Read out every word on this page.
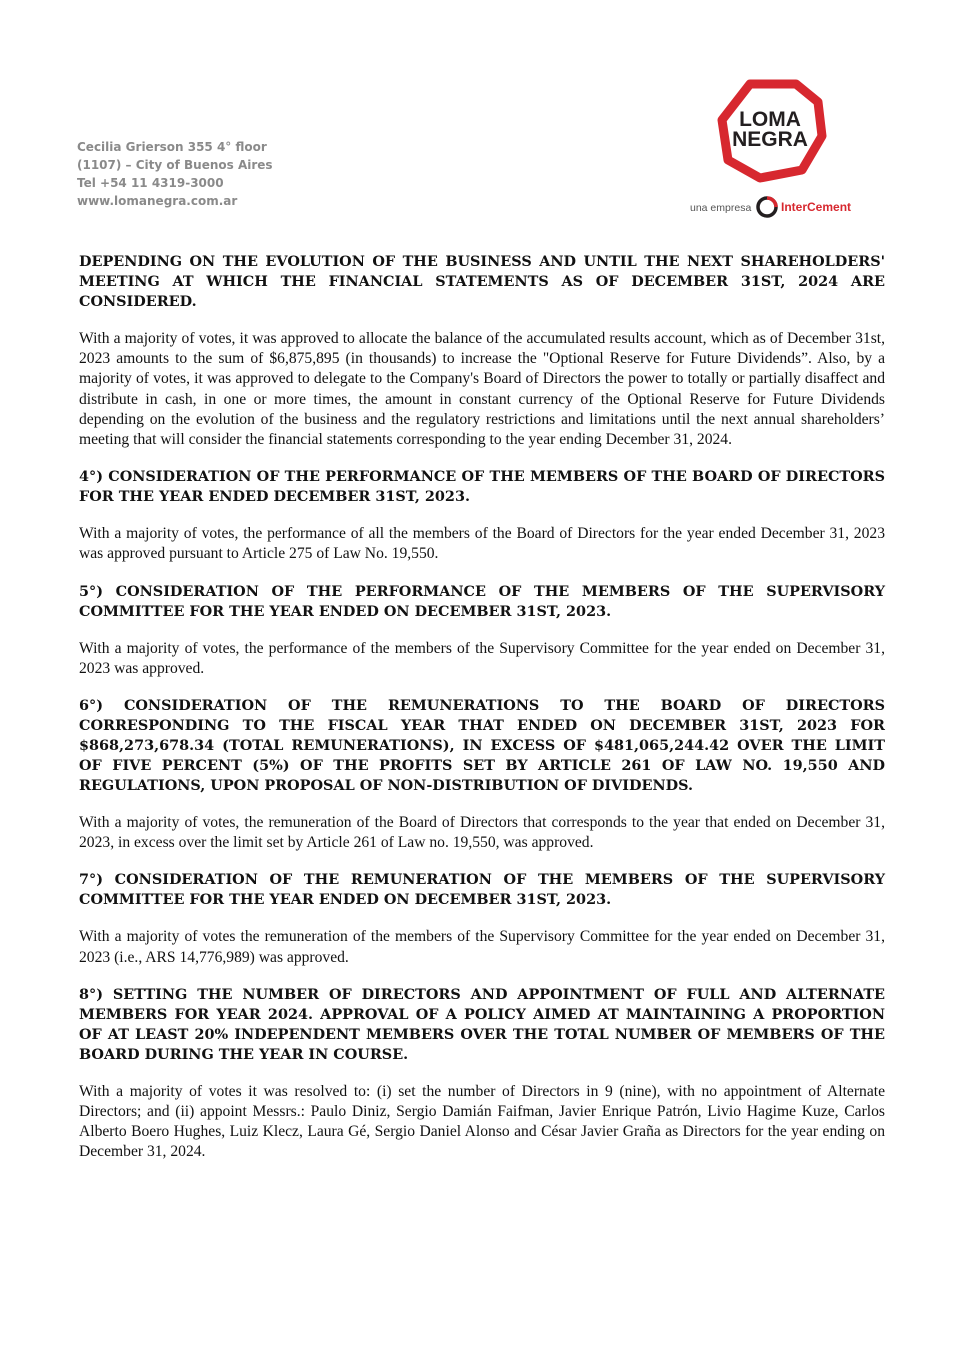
Cecilia Grierson 355 4° floor
(1107) – City of Buenos Aires
Tel +54 11 4319-3000
www.lomanegra.com.ar
LOMA
NEGRA
una empresa InterCement
DEPENDING ON THE EVOLUTION OF THE BUSINESS AND UNTIL THE NEXT SHAREHOLDERS' MEETING AT WHICH THE FINANCIAL STATEMENTS AS OF DECEMBER 31ST, 2024 ARE CONSIDERED.
With a majority of votes, it was approved to allocate the balance of the accumulated results account, which as of December 31st, 2023 amounts to the sum of $6,875,895 (in thousands) to increase the "Optional Reserve for Future Dividends”. Also, by a majority of votes, it was approved to delegate to the Company's Board of Directors the power to totally or partially disaffect and distribute in cash, in one or more times, the amount in constant currency of the Optional Reserve for Future Dividends depending on the evolution of the business and the regulatory restrictions and limitations until the next annual shareholders’ meeting that will consider the financial statements corresponding to the year ending December 31, 2024.
4°) CONSIDERATION OF THE PERFORMANCE OF THE MEMBERS OF THE BOARD OF DIRECTORS FOR THE YEAR ENDED DECEMBER 31ST, 2023.
With a majority of votes, the performance of all the members of the Board of Directors for the year ended December 31, 2023 was approved pursuant to Article 275 of Law No. 19,550.
5°) CONSIDERATION OF THE PERFORMANCE OF THE MEMBERS OF THE SUPERVISORY COMMITTEE FOR THE YEAR ENDED ON DECEMBER 31ST, 2023.
With a majority of votes, the performance of the members of the Supervisory Committee for the year ended on December 31, 2023 was approved.
6°) CONSIDERATION OF THE REMUNERATIONS TO THE BOARD OF DIRECTORS CORRESPONDING TO THE FISCAL YEAR THAT ENDED ON DECEMBER 31ST, 2023 FOR $868,273,678.34 (TOTAL REMUNERATIONS), IN EXCESS OF $481,065,244.42 OVER THE LIMIT OF FIVE PERCENT (5%) OF THE PROFITS SET BY ARTICLE 261 OF LAW NO. 19,550 AND REGULATIONS, UPON PROPOSAL OF NON-DISTRIBUTION OF DIVIDENDS.
With a majority of votes, the remuneration of the Board of Directors that corresponds to the year that ended on December 31, 2023, in excess over the limit set by Article 261 of Law no. 19,550, was approved.
7°) CONSIDERATION OF THE REMUNERATION OF THE MEMBERS OF THE SUPERVISORY COMMITTEE FOR THE YEAR ENDED ON DECEMBER 31ST, 2023.
With a majority of votes the remuneration of the members of the Supervisory Committee for the year ended on December 31, 2023 (i.e., ARS 14,776,989) was approved.
8°) SETTING THE NUMBER OF DIRECTORS AND APPOINTMENT OF FULL AND ALTERNATE MEMBERS FOR YEAR 2024. APPROVAL OF A POLICY AIMED AT MAINTAINING A PROPORTION OF AT LEAST 20% INDEPENDENT MEMBERS OVER THE TOTAL NUMBER OF MEMBERS OF THE BOARD DURING THE YEAR IN COURSE.
With a majority of votes it was resolved to: (i) set the number of Directors in 9 (nine), with no appointment of Alternate Directors; and (ii) appoint Messrs.: Paulo Diniz, Sergio Damián Faifman, Javier Enrique Patrón, Livio Hagime Kuze, Carlos Alberto Boero Hughes, Luiz Klecz, Laura Gé, Sergio Daniel Alonso and César Javier Graña as Directors for the year ending on December 31, 2024.
